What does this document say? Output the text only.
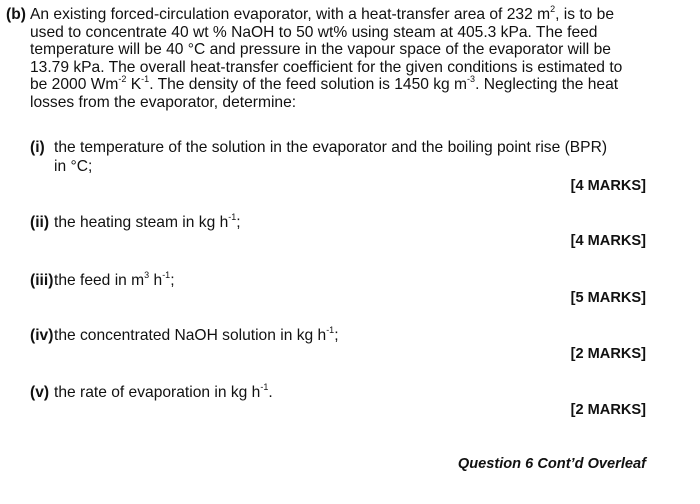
(b) An existing forced-circulation evaporator, with a heat-transfer area of 232 $m^2$, is to be
used to concentrate 40 wt % NaOH to 50 wt% using steam at 405.3 kPa. The feed
temperature will be 40 °C and pressure in the vapour space of the evaporator will be
13.79 kPa. The overall heat-transfer coefficient for the given conditions is estimated to
be 2000 $Wm^{-2}$ $K^{-1}$. The density of the feed solution is 1450 kg $m^{-3}$. Neglecting the heat
losses from the evaporator, determine:
(i) the temperature of the solution in the evaporator and the boiling point rise (BPR)
in °C;
[4 MARKS]
(ii) the heating steam in kg $h^{-1}$;
[4 MARKS]
(iii) the feed in $m^3$ $h^{-1}$;
[5 MARKS]
(iv) the concentrated NaOH solution in kg $h^{-1}$;
[2 MARKS]
(v) the rate of evaporation in kg $h^{-1}$.
[2 MARKS]
Question 6 Cont’d Overleaf
